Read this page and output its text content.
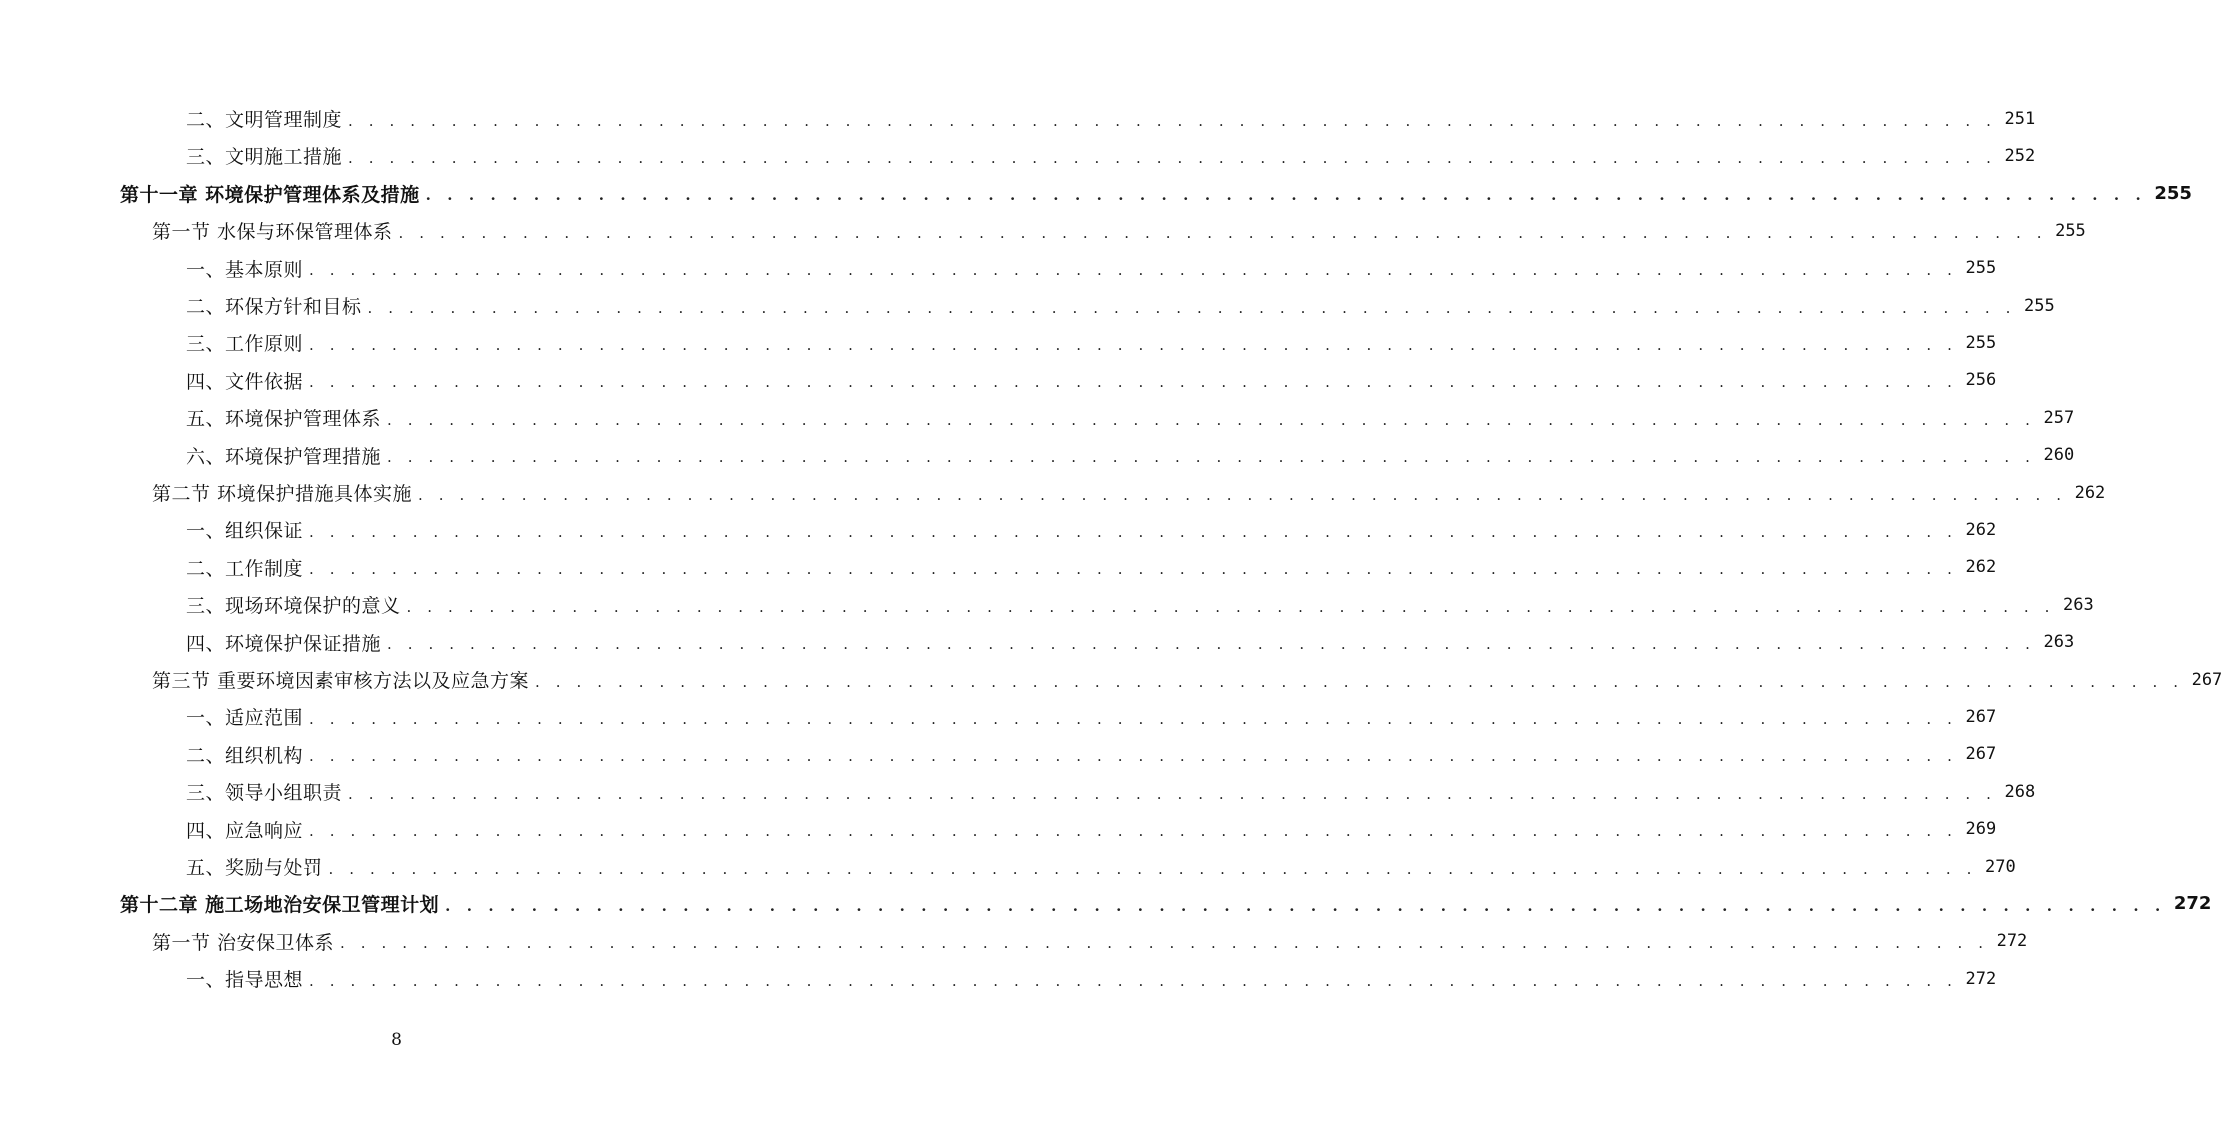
二、文明管理制度 . . . . . . . . . . . . . . . . . . . . . . . . . . . . . . . . . . . . . . . . . . . . . . . . . . . . . . . . . . . . . . . . . . . . . . . . . . . . . . . . 251
三、文明施工措施 . . . . . . . . . . . . . . . . . . . . . . . . . . . . . . . . . . . . . . . . . . . . . . . . . . . . . . . . . . . . . . . . . . . . . . . . . . . . . . . . 252
第十一章 环境保护管理体系及措施 . . . . . . . . . . . . . . . . . . . . . . . . . . . . . . . . . . . . . . . . . . . . . . . . . . . . . . . . . . . . . . . . . . . . . . . . . . . . . . . . 255
第一节 水保与环保管理体系 . . . . . . . . . . . . . . . . . . . . . . . . . . . . . . . . . . . . . . . . . . . . . . . . . . . . . . . . . . . . . . . . . . . . . . . . . . . . . . . . 255
一、基本原则 . . . . . . . . . . . . . . . . . . . . . . . . . . . . . . . . . . . . . . . . . . . . . . . . . . . . . . . . . . . . . . . . . . . . . . . . . . . . . . . . 255
二、环保方针和目标 . . . . . . . . . . . . . . . . . . . . . . . . . . . . . . . . . . . . . . . . . . . . . . . . . . . . . . . . . . . . . . . . . . . . . . . . . . . . . . . . 255
三、工作原则 . . . . . . . . . . . . . . . . . . . . . . . . . . . . . . . . . . . . . . . . . . . . . . . . . . . . . . . . . . . . . . . . . . . . . . . . . . . . . . . . 255
四、文件依据 . . . . . . . . . . . . . . . . . . . . . . . . . . . . . . . . . . . . . . . . . . . . . . . . . . . . . . . . . . . . . . . . . . . . . . . . . . . . . . . . 256
五、环境保护管理体系 . . . . . . . . . . . . . . . . . . . . . . . . . . . . . . . . . . . . . . . . . . . . . . . . . . . . . . . . . . . . . . . . . . . . . . . . . . . . . . . . 257
六、环境保护管理措施 . . . . . . . . . . . . . . . . . . . . . . . . . . . . . . . . . . . . . . . . . . . . . . . . . . . . . . . . . . . . . . . . . . . . . . . . . . . . . . . . 260
第二节 环境保护措施具体实施 . . . . . . . . . . . . . . . . . . . . . . . . . . . . . . . . . . . . . . . . . . . . . . . . . . . . . . . . . . . . . . . . . . . . . . . . . . . . . . . . 262
一、组织保证 . . . . . . . . . . . . . . . . . . . . . . . . . . . . . . . . . . . . . . . . . . . . . . . . . . . . . . . . . . . . . . . . . . . . . . . . . . . . . . . . 262
二、工作制度 . . . . . . . . . . . . . . . . . . . . . . . . . . . . . . . . . . . . . . . . . . . . . . . . . . . . . . . . . . . . . . . . . . . . . . . . . . . . . . . . 262
三、现场环境保护的意义 . . . . . . . . . . . . . . . . . . . . . . . . . . . . . . . . . . . . . . . . . . . . . . . . . . . . . . . . . . . . . . . . . . . . . . . . . . . . . . . . 263
四、环境保护保证措施 . . . . . . . . . . . . . . . . . . . . . . . . . . . . . . . . . . . . . . . . . . . . . . . . . . . . . . . . . . . . . . . . . . . . . . . . . . . . . . . . 263
第三节 重要环境因素审核方法以及应急方案 . . . . . . . . . . . . . . . . . . . . . . . . . . . . . . . . . . . . . . . . . . . . . . . . . . . . . . . . . . . . . . . . . . . . . . . . . . . . . . . . 267
一、适应范围 . . . . . . . . . . . . . . . . . . . . . . . . . . . . . . . . . . . . . . . . . . . . . . . . . . . . . . . . . . . . . . . . . . . . . . . . . . . . . . . . 267
二、组织机构 . . . . . . . . . . . . . . . . . . . . . . . . . . . . . . . . . . . . . . . . . . . . . . . . . . . . . . . . . . . . . . . . . . . . . . . . . . . . . . . . 267
三、领导小组职责 . . . . . . . . . . . . . . . . . . . . . . . . . . . . . . . . . . . . . . . . . . . . . . . . . . . . . . . . . . . . . . . . . . . . . . . . . . . . . . . . 268
四、应急响应 . . . . . . . . . . . . . . . . . . . . . . . . . . . . . . . . . . . . . . . . . . . . . . . . . . . . . . . . . . . . . . . . . . . . . . . . . . . . . . . . 269
五、奖励与处罚 . . . . . . . . . . . . . . . . . . . . . . . . . . . . . . . . . . . . . . . . . . . . . . . . . . . . . . . . . . . . . . . . . . . . . . . . . . . . . . . . 270
第十二章 施工场地治安保卫管理计划 . . . . . . . . . . . . . . . . . . . . . . . . . . . . . . . . . . . . . . . . . . . . . . . . . . . . . . . . . . . . . . . . . . . . . . . . . . . . . . . . 272
第一节 治安保卫体系 . . . . . . . . . . . . . . . . . . . . . . . . . . . . . . . . . . . . . . . . . . . . . . . . . . . . . . . . . . . . . . . . . . . . . . . . . . . . . . . . 272
一、指导思想 . . . . . . . . . . . . . . . . . . . . . . . . . . . . . . . . . . . . . . . . . . . . . . . . . . . . . . . . . . . . . . . . . . . . . . . . . . . . . . . . 272
8
